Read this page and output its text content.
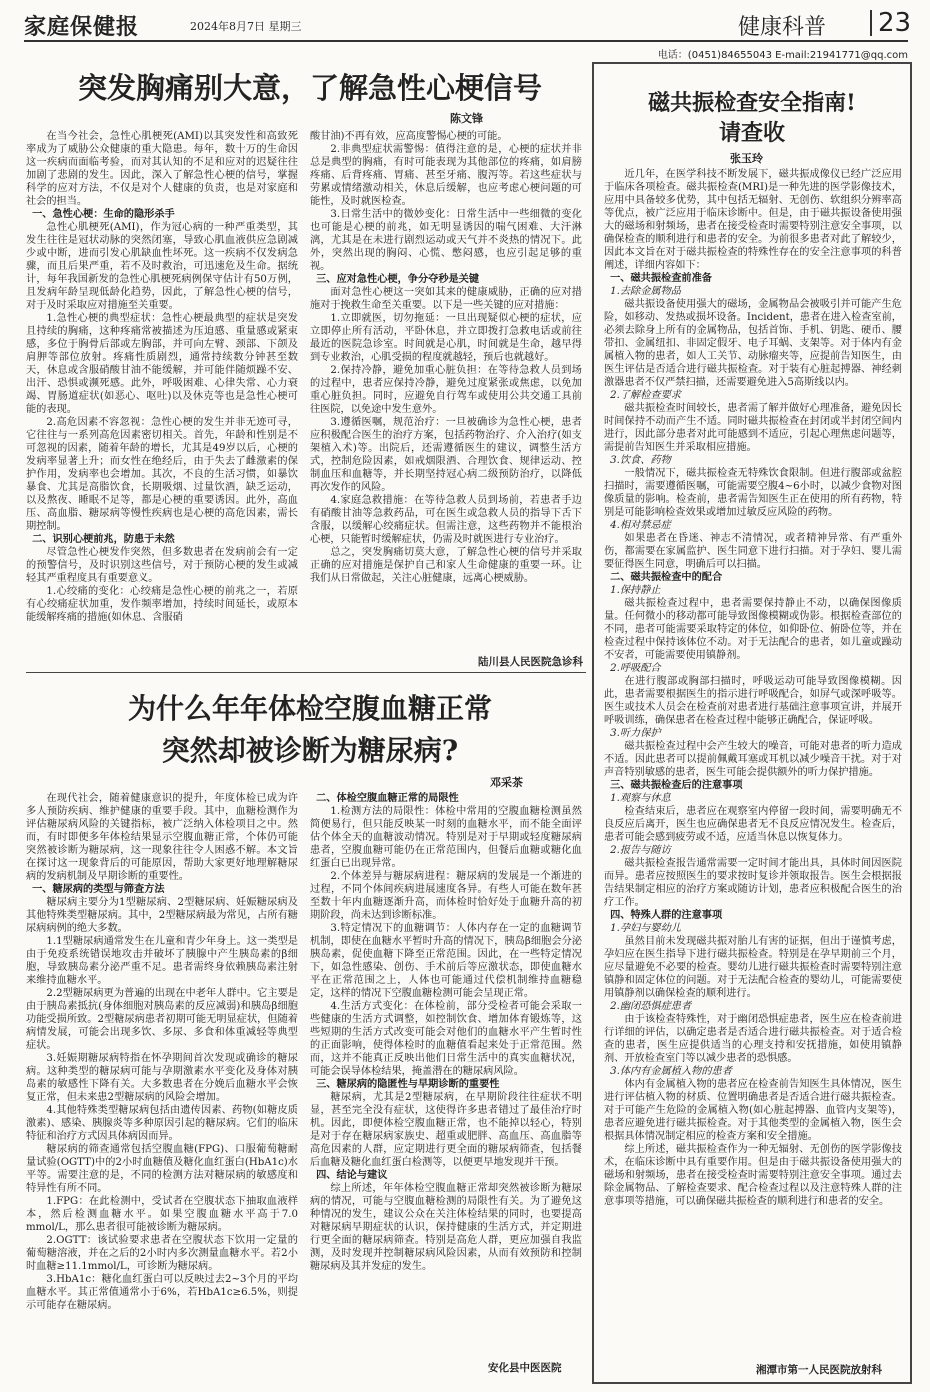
家庭保健报	2024年8月7日 星期三	健康科普 23
电话：(0451)84655043 E-mail:21941771@qq.com
突发胸痛别大意，了解急性心梗信号
陈文锋

在当今社会，急性心肌梗死(AMI)以其突发性和高致死率成为了威胁公众健康的重大隐患。每年，数十万的生命因这一疾病而面临考验，而对其认知的不足和应对的迟疑往往加剧了悲剧的发生。因此，深入了解急性心梗的信号，掌握科学的应对方法，不仅是对个人健康的负责，也是对家庭和社会的担当。

一、急性心梗：生命的隐形杀手

急性心肌梗死(AMI)，作为冠心病的一种严重类型，其发生往往是冠状动脉的突然闭塞，导致心肌血液供应急剧减少或中断，进而引发心肌缺血性坏死。这一疾病不仅发病急骤，而且后果严重，若不及时救治，可迅速危及生命。据统计，每年我国新发的急性心肌梗死病例保守估计有50万例，且发病年龄呈现低龄化趋势，因此，了解急性心梗的信号，对于及时采取应对措施至关重要。

1.急性心梗的典型症状：急性心梗最典型的症状是突发且持续的胸痛，这种疼痛常被描述为压迫感、重量感或紧束感，多位于胸骨后部或左胸部，并可向左臂、颈部、下颌及肩胛等部位放射。疼痛性质剧烈，通常持续数分钟甚至数天，休息或含服硝酸甘油不能缓解，并可能伴随烦躁不安、出汗、恐惧或濒死感。此外，呼吸困难、心律失常、心力衰竭、胃肠道症状(如恶心、呕吐)以及休克等也是急性心梗可能的表现。

2.高危因素不容忽视：急性心梗的发生并非无迹可寻，它往往与一系列高危因素密切相关。首先，年龄和性别是不可忽视的因素，随着年龄的增长，尤其是49岁以后，心梗的发病率显著上升；而女性在绝经后，由于失去了雌激素的保护作用，发病率也会增加。其次，不良的生活习惯，如暴饮暴食、尤其是高脂饮食，长期吸烟、过量饮酒，缺乏运动，以及熬夜、睡眠不足等，都是心梗的重要诱因。此外，高血压、高血脂、糖尿病等慢性疾病也是心梗的高危因素，需长期控制。

二、识别心梗前兆，防患于未然

尽管急性心梗发作突然，但多数患者在发病前会有一定的预警信号，及时识别这些信号，对于预防心梗的发生或减轻其严重程度具有重要意义。

1.心绞痛的变化：心绞痛是急性心梗的前兆之一，若原有心绞痛症状加重，发作频率增加，持续时间延长，或原本能缓解疼痛的措施(如休息、含服硝

酸甘油)不再有效，应高度警惕心梗的可能。

2.非典型症状需警惕：值得注意的是，心梗的症状并非总是典型的胸痛，有时可能表现为其他部位的疼痛，如肩膀疼痛、后背疼痛、胃痛、甚至牙痛、腹泻等。若这些症状与劳累或情绪激动相关，休息后缓解，也应考虑心梗问题的可能性，及时就医检查。

3.日常生活中的微妙变化：日常生活中一些细微的变化也可能是心梗的前兆，如无明显诱因的喘气困难、大汗淋漓，尤其是在未进行剧烈运动或天气并不炎热的情况下。此外，突然出现的胸闷、心慌、憋闷感，也应引起足够的重视。

三、应对急性心梗，争分夺秒是关键

面对急性心梗这一突如其来的健康威胁，正确的应对措施对于挽救生命至关重要。以下是一些关键的应对措施：

1.立即就医，切勿拖延：一旦出现疑似心梗的症状，应立即停止所有活动，平卧休息，并立即拨打急救电话或前往最近的医院急诊室。时间就是心肌，时间就是生命，越早得到专业救治，心肌受损的程度就越轻，预后也就越好。

2.保持冷静，避免加重心脏负担：在等待急救人员到场的过程中，患者应保持冷静，避免过度紧张或焦虑，以免加重心脏负担。同时，应避免自行驾车或使用公共交通工具前往医院，以免途中发生意外。

3.遵循医嘱，规范治疗：一旦被确诊为急性心梗，患者应积极配合医生的治疗方案，包括药物治疗、介入治疗(如支架植入术)等。出院后，还需遵循医生的建议，调整生活方式，控制危险因素，如戒烟限酒、合理饮食、规律运动、控制血压和血糖等，并长期坚持冠心病二级预防治疗，以降低再次发作的风险。

4.家庭急救措施：在等待急救人员到场前，若患者手边有硝酸甘油等急救药品，可在医生或急救人员的指导下舌下含服，以缓解心绞痛症状。但需注意，这些药物并不能根治心梗，只能暂时缓解症状，仍需及时就医进行专业治疗。

总之，突发胸痛切莫大意，了解急性心梗的信号并采取正确的应对措施是保护自己和家人生命健康的重要一环。让我们从日常做起，关注心脏健康，远离心梗威胁。

陆川县人民医院急诊科
为什么年年体检空腹血糖正常
突然却被诊断为糖尿病?
邓采茶

在现代社会，随着健康意识的提升，年度体检已成为许多人预防疾病、维护健康的重要手段。其中，血糖检测作为评估糖尿病风险的关键指标，被广泛纳入体检项目之中。然而，有时即便多年体检结果显示空腹血糖正常，个体仍可能突然被诊断为糖尿病，这一现象往往令人困惑不解。本文旨在探讨这一现象背后的可能原因，帮助大家更好地理解糖尿病的发病机制及早期诊断的重要性。

一、糖尿病的类型与筛查方法

糖尿病主要分为1型糖尿病、2型糖尿病、妊娠糖尿病及其他特殊类型糖尿病。其中，2型糖尿病最为常见，占所有糖尿病病例的绝大多数。

1.1型糖尿病通常发生在儿童和青少年身上。这一类型是由于免疫系统错误地攻击并破坏了胰腺中产生胰岛素的β细胞，导致胰岛素分泌严重不足。患者需终身依赖胰岛素注射来维持血糖水平。

2.2型糖尿病更为普遍的出现在中老年人群中。它主要是由于胰岛素抵抗(身体细胞对胰岛素的反应减弱)和胰岛β细胞功能受损所致。2型糖尿病患者初期可能无明显症状，但随着病情发展，可能会出现多饮、多尿、多食和体重减轻等典型症状。

3.妊娠期糖尿病特指在怀孕期间首次发现或确诊的糖尿病。这种类型的糖尿病可能与孕期激素水平变化及身体对胰岛素的敏感性下降有关。大多数患者在分娩后血糖水平会恢复正常，但未来患2型糖尿病的风险会增加。

4.其他特殊类型糖尿病包括由遗传因素、药物(如糖皮质激素)、感染、胰腺炎等多种原因引起的糖尿病。它们的临床特征和治疗方式因具体病因而异。

糖尿病的筛查通常包括空腹血糖(FPG)、口服葡萄糖耐量试验(OGTT)中的2小时血糖值及糖化血红蛋白(HbA1c)水平等。需要注意的是，不同的检测方法对糖尿病的敏感度和特异性有所不同。

1.FPG：在此检测中，受试者在空腹状态下抽取血液样本，然后检测血糖水平。如果空腹血糖水平高于7.0 mmol/L，那么患者很可能被诊断为糖尿病。

2.OGTT：该试验要求患者在空腹状态下饮用一定量的葡萄糖溶液，并在之后的2小时内多次测量血糖水平。若2小时血糖≥11.1mmol/L，可诊断为糖尿病。

3.HbA1c：糖化血红蛋白可以反映过去2~3个月的平均血糖水平。其正常值通常小于6%，若HbA1c≥6.5%，则提示可能存在糖尿病。

二、体检空腹血糖正常的局限性

1.检测方法的局限性：体检中常用的空腹血糖检测虽然简便易行，但只能反映某一时刻的血糖水平，而不能全面评估个体全天的血糖波动情况。特别是对于早期或轻度糖尿病患者，空腹血糖可能仍在正常范围内，但餐后血糖或糖化血红蛋白已出现异常。

2.个体差异与糖尿病进程：糖尿病的发展是一个渐进的过程，不同个体间疾病进展速度各异。有些人可能在数年甚至数十年内血糖逐渐升高，而体检时恰好处于血糖升高的初期阶段，尚未达到诊断标准。

3.特定情况下的血糖调节：人体内存在一定的血糖调节机制，即使在血糖水平暂时升高的情况下，胰岛β细胞会分泌胰岛素，促使血糖下降至正常范围。因此，在一些特定情况下，如急性感染、创伤、手术前后等应激状态，即使血糖水平在正常范围之上，人体也可能通过代偿机制维持血糖稳定，这样的情况下空腹血糖检测可能会呈现正常。

4.生活方式变化：在体检前，部分受检者可能会采取一些健康的生活方式调整，如控制饮食、增加体育锻炼等，这些短期的生活方式改变可能会对他们的血糖水平产生暂时性的正面影响，使得体检时的血糖值看起来处于正常范围。然而，这并不能真正反映出他们日常生活中的真实血糖状况，可能会误导体检结果，掩盖潜在的糖尿病风险。

三、糖尿病的隐匿性与早期诊断的重要性

糖尿病，尤其是2型糖尿病，在早期阶段往往症状不明显，甚至完全没有症状，这使得许多患者错过了最佳治疗时机。因此，即便体检空腹血糖正常，也不能掉以轻心，特别是对于存在糖尿病家族史、超重或肥胖、高血压、高血脂等高危因素的人群，应定期进行更全面的糖尿病筛查，包括餐后血糖及糖化血红蛋白检测等，以便更早地发现并干预。

四、结论与建议

综上所述，年年体检空腹血糖正常却突然被诊断为糖尿病的情况，可能与空腹血糖检测的局限性有关。为了避免这种情况的发生，建议公众在关注体检结果的同时，也要提高对糖尿病早期症状的认识，保持健康的生活方式，并定期进行更全面的糖尿病筛查。特别是高危人群，更应加强自我监测，及时发现并控制糖尿病风险因素，从而有效预防和控制糖尿病及其并发症的发生。

安化县中医医院
磁共振检查安全指南!
请查收
张玉玲

近几年，在医学科技不断发展下，磁共振成像仪已经广泛应用于临床各项检查。磁共振检查(MRI)是一种先进的医学影像技术，应用中具备较多优势，其中包括无辐射、无创伤、软组织分辨率高等优点，被广泛应用于临床诊断中。但是，由于磁共振设备使用强大的磁场和射频场，患者在接受检查时需要特别注意安全事项，以确保检查的顺利进行和患者的安全。为前很多患者对此了解较少，因此本文旨在对于磁共振检查的特殊性存在的安全注意事项的科普阐述，详细内容如下：

一、磁共振检查前准备

1.去除金属物品

磁共振设备使用强大的磁场，金属物品会被吸引并可能产生危险，如移动、发热或损坏设备。Incident，患者在进入检查室前，必须去除身上所有的金属物品，包括首饰、手机、钥匙、硬币、腰带扣、金属纽扣、非固定假牙、电子耳蜗、支架等。对于体内有金属植入物的患者，如人工关节、动脉瘤夹等，应提前告知医生，由医生评估是否适合进行磁共振检查。对于装有心脏起搏器、神经刺激器患者不仅严禁扫描，还需要避免进入5高斯线以内。

2.了解检查要求

磁共振检查时间较长，患者需了解并做好心理准备，避免因长时间保持不动而产生不适。同时磁共振检查在封闭或半封闭空间内进行，因此部分患者对此可能感到不适应，引起心理焦虑问题等，需提前告知医生并采取相应措施。

3.饮食、药物

一般情况下，磁共振检查无特殊饮食限制。但进行腹部或盆腔扫描时，需要遵循医嘱，可能需要空腹4~6小时，以减少食物对图像质量的影响。检查前，患者需告知医生正在使用的所有药物，特别是可能影响检查效果或增加过敏反应风险的药物。

4.相对禁忌症

如果患者在昏迷、神志不清情况，或者精神异常、有严重外伤，都需要在家属监护、医生同意下进行扫描。对于孕妇、婴儿需要征得医生同意，明确后可以扫描。

二、磁共振检查中的配合

1.保持静止

磁共振检查过程中，患者需要保持静止不动，以确保图像质量。任何微小的移动都可能导致图像模糊或伪影。根据检查部位的不同，患者可能需要采取特定的体位，如仰卧位、俯卧位等，并在检查过程中保持该体位不动。对于无法配合的患者，如儿童或躁动不安者，可能需要使用镇静剂。

2.呼吸配合

在进行腹部或胸部扫描时，呼吸运动可能导致图像模糊。因此，患者需要根据医生的指示进行呼吸配合，如屏气或深呼吸等。医生或技术人员会在检查前对患者进行基础注意事项宣讲，并展开呼吸训练，确保患者在检查过程中能够正确配合，保证呼吸。

3.听力保护

磁共振检查过程中会产生较大的噪音，可能对患者的听力造成不适。因此患者可以提前佩戴耳塞或耳机以减少噪音干扰。对于对声音特别敏感的患者，医生可能会提供额外的听力保护措施。

三、磁共振检查后的注意事项

1.观察与休息

检查结束后，患者应在观察室内停留一段时间，需要明确无不良反应后离开，医生也应确保患者无不良反应情况发生。检查后，患者可能会感到疲劳或不适，应适当休息以恢复体力。

2.报告与随访

磁共振检查报告通常需要一定时间才能出具，具体时间因医院而异。患者应按照医生的要求按时复诊并领取报告。医生会根据报告结果制定相应的治疗方案或随访计划，患者应积极配合医生的治疗工作。

四、特殊人群的注意事项

1.孕妇与婴幼儿

虽然目前未发现磁共振对胎儿有害的证据，但出于谨慎考虑，孕妇应在医生指导下进行磁共振检查。特别是在孕早期前三个月，应尽量避免不必要的检查。婴幼儿进行磁共振检查时需要特别注意镇静和固定体位的问题。对于无法配合检查的婴幼儿，可能需要使用镇静剂以确保检查的顺利进行。

2.幽闭恐惧症患者

由于该检查特殊性，对于幽闭恐惧症患者，医生应在检查前进行详细的评估，以确定患者是否适合进行磁共振检查。对于适合检查的患者，医生应提供适当的心理支持和安抚措施，如使用镇静剂、开放检查室门等以减少患者的恐惧感。

3.体内有金属植入物的患者

体内有金属植入物的患者应在检查前告知医生具体情况，医生进行评估植入物的材质、位置明确患者是否适合进行磁共振检查。对于可能产生危险的金属植入物(如心脏起搏器、血管内支架等)，患者应避免进行磁共振检查。对于其他类型的金属植入物，医生会根据具体情况制定相应的检查方案和安全措施。

综上所述，磁共振检查作为一种无辐射、无创伤的医学影像技术，在临床诊断中具有重要作用。但是由于磁共振设备使用强大的磁场和射频场，患者在接受检查时需要特别注意安全事项。通过去除金属物品、了解检查要求、配合检查过程以及注意特殊人群的注意事项等措施，可以确保磁共振检查的顺利进行和患者的安全。

湘潭市第一人民医院放射科
